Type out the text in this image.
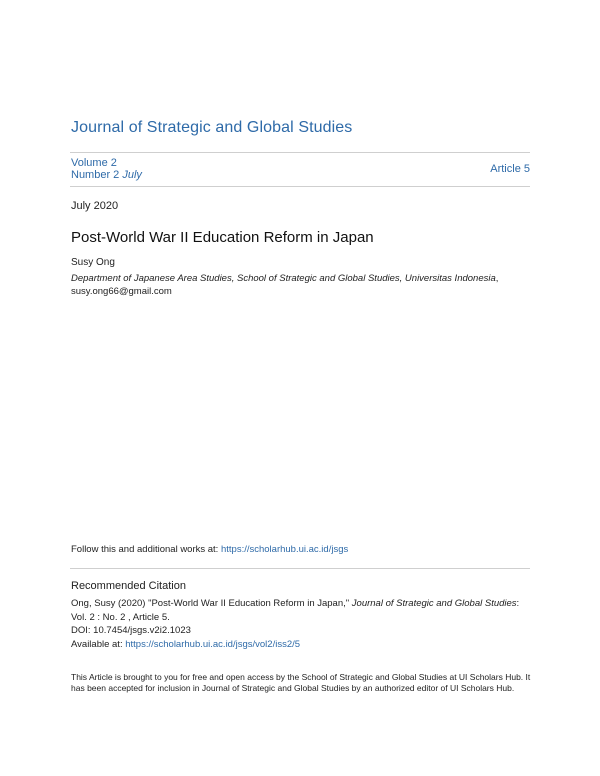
Journal of Strategic and Global Studies
Volume 2
Number 2 July	Article 5
July 2020
Post-World War II Education Reform in Japan
Susy Ong
Department of Japanese Area Studies, School of Strategic and Global Studies, Universitas Indonesia,
susy.ong66@gmail.com
Follow this and additional works at: https://scholarhub.ui.ac.id/jsgs
Recommended Citation
Ong, Susy (2020) "Post-World War II Education Reform in Japan," Journal of Strategic and Global Studies:
Vol. 2 : No. 2 , Article 5.
DOI: 10.7454/jsgs.v2i2.1023
Available at: https://scholarhub.ui.ac.id/jsgs/vol2/iss2/5
This Article is brought to you for free and open access by the School of Strategic and Global Studies at UI Scholars Hub. It has been accepted for inclusion in Journal of Strategic and Global Studies by an authorized editor of UI Scholars Hub.
